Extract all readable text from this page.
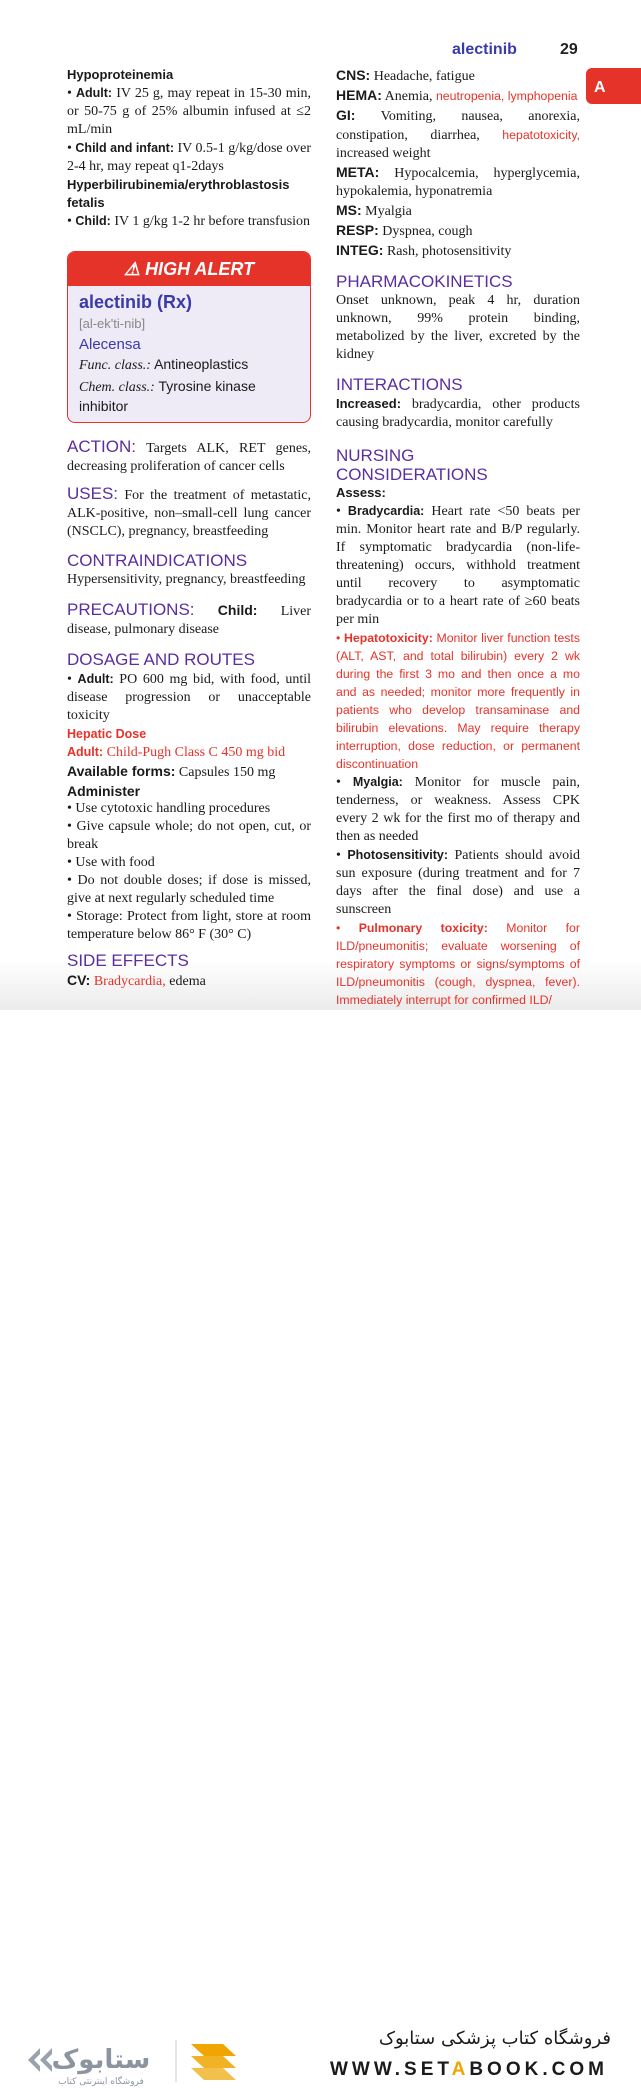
alectinib	29
A

Hypoproteinemia

• Adult: IV 25 g, may repeat in 15-30 min, or 50-75 g of 25% albumin infused at ≤2 mL/min

• Child and infant: IV 0.5-1 g/kg/dose over 2-4 hr, may repeat q1-2days

Hyperbilirubinemia/erythroblastosis fetalis

• Child: IV 1 g/kg 1-2 hr before transfusion

⚠ HIGH ALERT
alectinib (Rx)
[al-ek'ti-nib]
Alecensa
Func. class.: Antineoplastics
Chem. class.: Tyrosine kinase inhibitor

ACTION: Targets ALK, RET genes, decreasing proliferation of cancer cells

USES: For the treatment of metastatic, ALK-positive, non–small-cell lung cancer (NSCLC), pregnancy, breastfeeding

CONTRAINDICATIONS

Hypersensitivity, pregnancy, breastfeeding

PRECAUTIONS: Child: Liver disease, pulmonary disease

DOSAGE AND ROUTES

• Adult: PO 600 mg bid, with food, until disease progression or unacceptable toxicity

Hepatic Dose

Adult: Child-Pugh Class C 450 mg bid

Available forms: Capsules 150 mg

Administer

• Use cytotoxic handling procedures

• Give capsule whole; do not open, cut, or break

• Use with food

• Do not double doses; if dose is missed, give at next regularly scheduled time

• Storage: Protect from light, store at room temperature below 86° F (30° C)

SIDE EFFECTS

CV: Bradycardia, edema

CNS: Headache, fatigue

HEMA: Anemia, neutropenia, lymphopenia

GI: Vomiting, nausea, anorexia, constipation, diarrhea, hepatotoxicity, increased weight

META: Hypocalcemia, hyperglycemia, hypokalemia, hyponatremia

MS: Myalgia

RESP: Dyspnea, cough

INTEG: Rash, photosensitivity

PHARMACOKINETICS

Onset unknown, peak 4 hr, duration unknown, 99% protein binding, metabolized by the liver, excreted by the kidney

INTERACTIONS

Increased: bradycardia, other products causing bradycardia, monitor carefully

NURSING CONSIDERATIONS

Assess:

• Bradycardia: Heart rate <50 beats per min. Monitor heart rate and B/P regularly. If symptomatic bradycardia (non-life-threatening) occurs, withhold treatment until recovery to asymptomatic bradycardia or to a heart rate of ≥60 beats per min

• Hepatotoxicity: Monitor liver function tests (ALT, AST, and total bilirubin) every 2 wk during the first 3 mo and then once a mo and as needed; monitor more frequently in patients who develop transaminase and bilirubin elevations. May require therapy interruption, dose reduction, or permanent discontinuation

• Myalgia: Monitor for muscle pain, tenderness, or weakness. Assess CPK every 2 wk for the first mo of therapy and then as needed

• Photosensitivity: Patients should avoid sun exposure (during treatment and for 7 days after the final dose) and use a sunscreen

• Pulmonary toxicity: Monitor for ILD/pneumonitis; evaluate worsening of respiratory symptoms or signs/symptoms of ILD/pneumonitis (cough, dyspnea, fever). Immediately interrupt for confirmed ILD/

ستابوک
فروشگاه اینترنتی کتاب
فروشگاه کتاب پزشکی ستابوک
WWW.SETABOOK.COM
